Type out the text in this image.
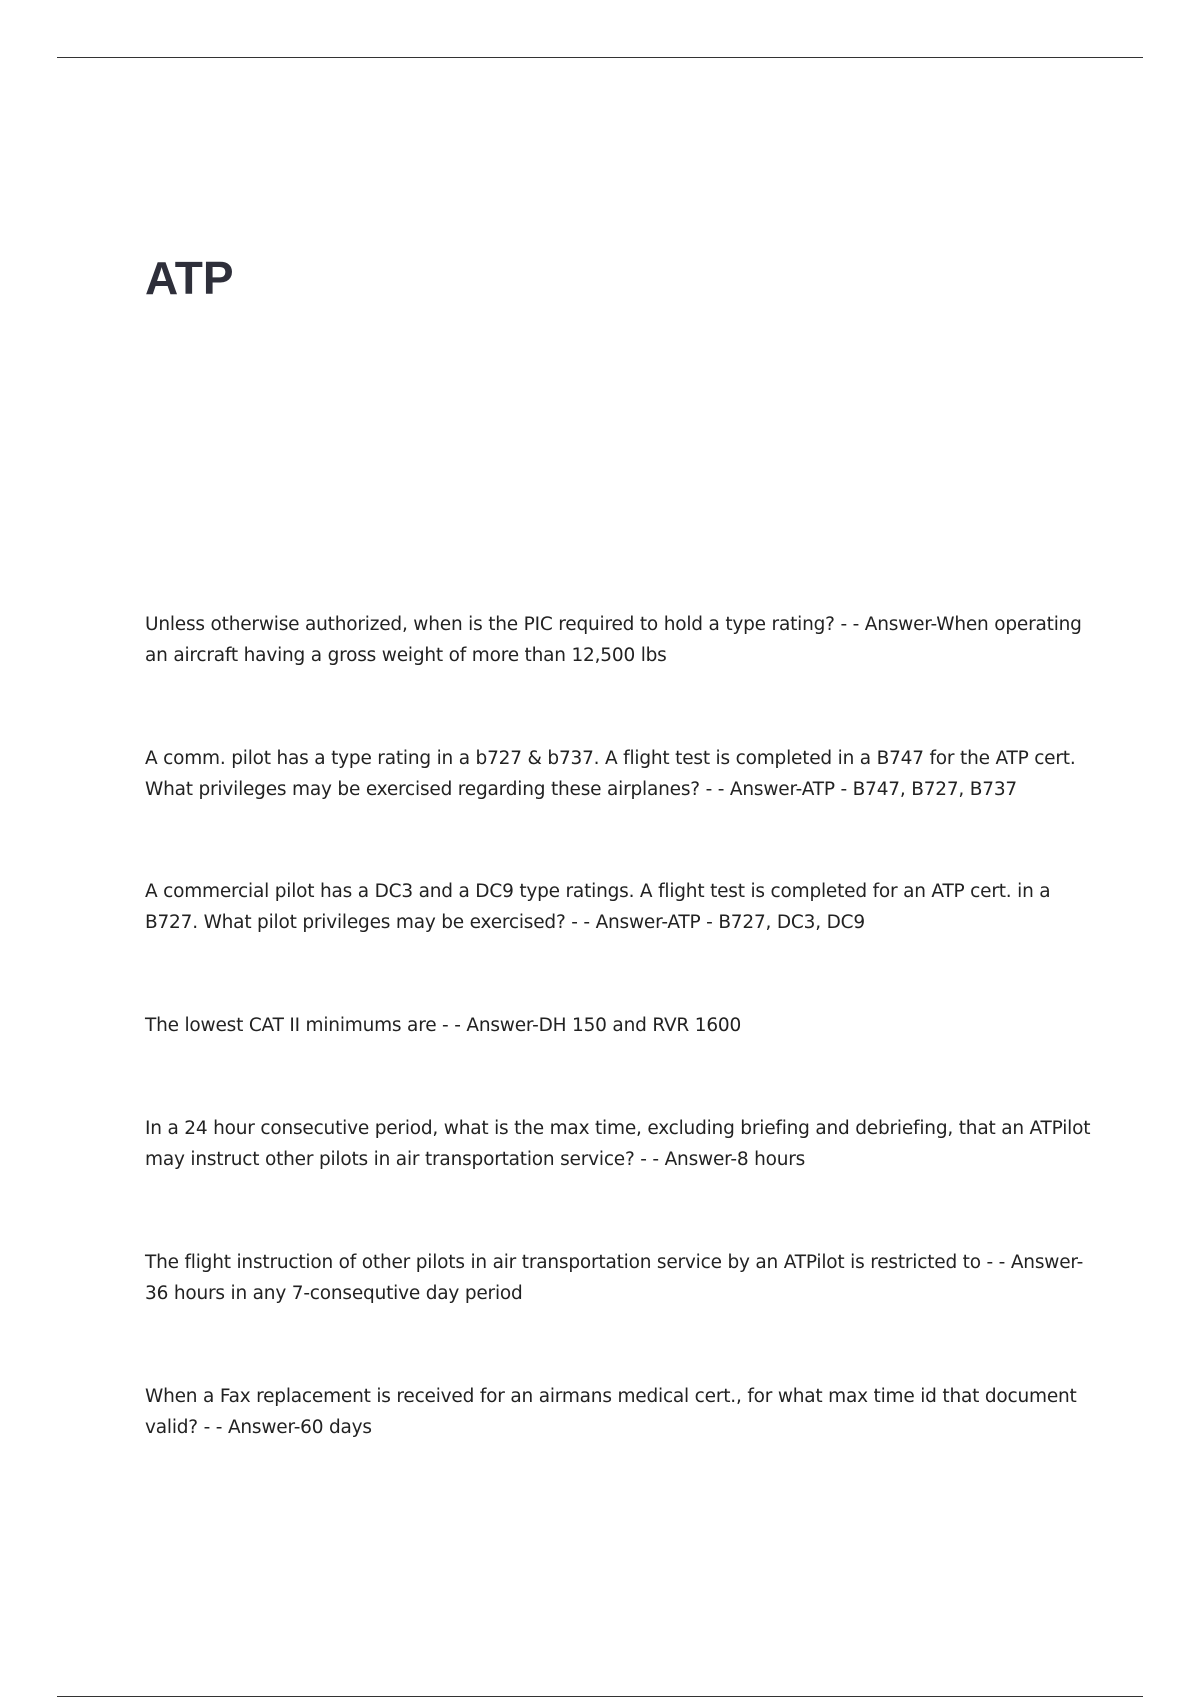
ATP

Unless otherwise authorized, when is the PIC required to hold a type rating? - - Answer-When operating an aircraft having a gross weight of more than 12,500 lbs

A comm. pilot has a type rating in a b727 & b737. A flight test is completed in a B747 for the ATP cert. What privileges may be exercised regarding these airplanes? - - Answer-ATP - B747, B727, B737

A commercial pilot has a DC3 and a DC9 type ratings. A flight test is completed for an ATP cert. in a B727. What pilot privileges may be exercised? - - Answer-ATP - B727, DC3, DC9

The lowest CAT II minimums are - - Answer-DH 150 and RVR 1600

In a 24 hour consecutive period, what is the max time, excluding briefing and debriefing, that an ATPilot may instruct other pilots in air transportation service? - - Answer-8 hours

The flight instruction of other pilots in air transportation service by an ATPilot is restricted to - - Answer-36 hours in any 7-consequtive day period

When a Fax replacement is received for an airmans medical cert., for what max time id that document valid? - - Answer-60 days
